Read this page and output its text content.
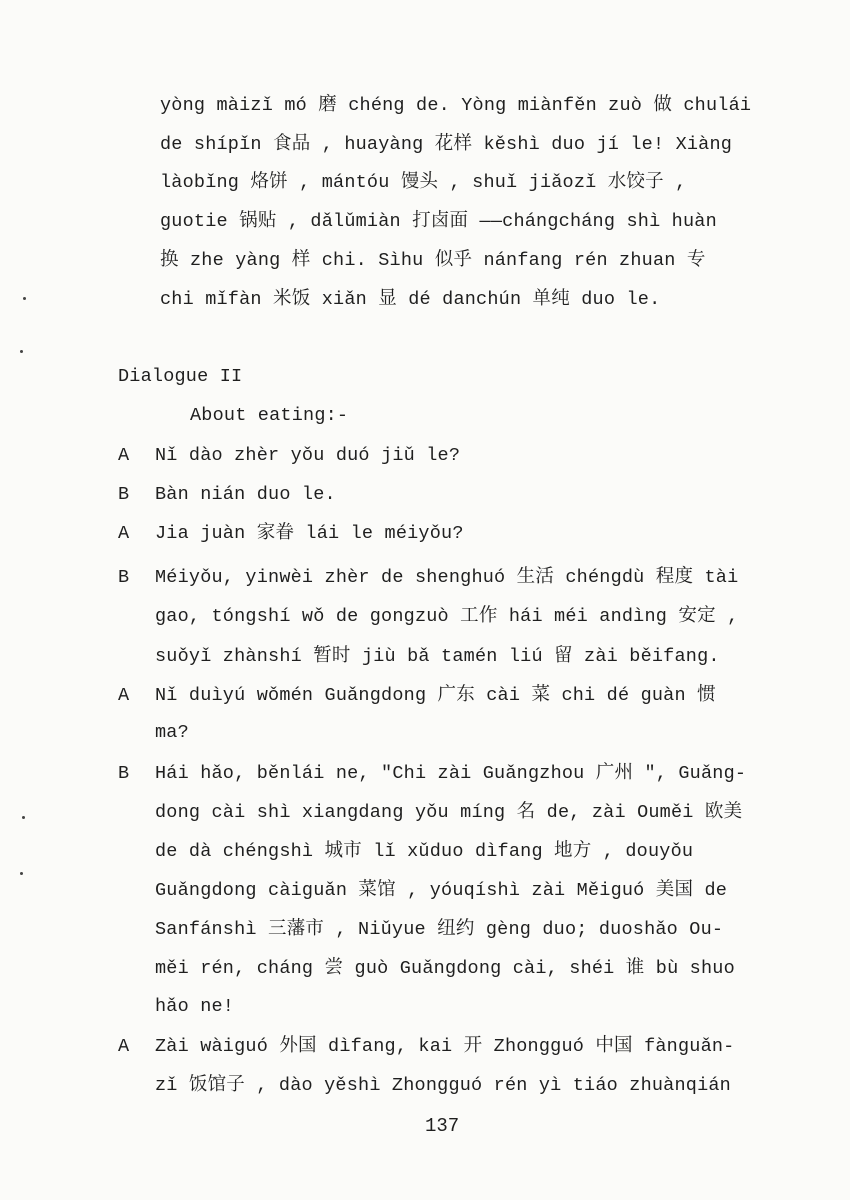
yòng màizǐ mó 磨 chéng de. Yòng miànfěn zuò 做 chulái
de shípǐn 食品 , huayàng 花样 kěshì duo jí le! Xiàng
làobǐng 烙饼 , mántóu 馒头 , shuǐ jiǎozǐ 水饺子 ,
guotie 锅贴 , dǎlǔmiàn 打卤面 ——chángcháng shì huàn
换 zhe yàng 样 chi. Sìhu 似乎 nánfang rén zhuan 专
chi mǐfàn 米饭 xiǎn 显 dé danchún 单纯 duo le.
Dialogue II
About eating:-
A Nǐ dào zhèr yǒu duó jiǔ le?
B Bàn nián duo le.
A Jia juàn 家眷 lái le méiyǒu?
B Méiyǒu, yinwèi zhèr de shenghuó 生活 chéngdù 程度 tài
gao, tóngshí wǒ de gongzuò 工作 hái méi andìng 安定 ,
suǒyǐ zhànshí 暂时 jiù bǎ tamén liú 留 zài běifang.
A Nǐ duìyú wǒmén Guǎngdong 广东 cài 菜 chi dé guàn 惯
ma?
B Hái hǎo, běnlái ne, "Chi zài Guǎngzhou 广州 ", Guǎng-
dong cài shì xiangdang yǒu míng 名 de, zài Ouměi 欧美
de dà chéngshì 城市 lǐ xǔduo dìfang 地方 , douyǒu
Guǎngdong càiguǎn 菜馆 , yóuqíshì zài Měiguó 美国 de
Sanfánshì 三藩市 , Niǔyue 纽约 gèng duo; duoshǎo Ou-
měi rén, cháng 尝 guò Guǎngdong cài, shéi 谁 bù shuo
hǎo ne!
A Zài wàiguó 外国 dìfang, kai 开 Zhongguó 中国 fànguǎn-
zǐ 饭馆子 , dào yěshì Zhongguó rén yì tiáo zhuànqián
137
